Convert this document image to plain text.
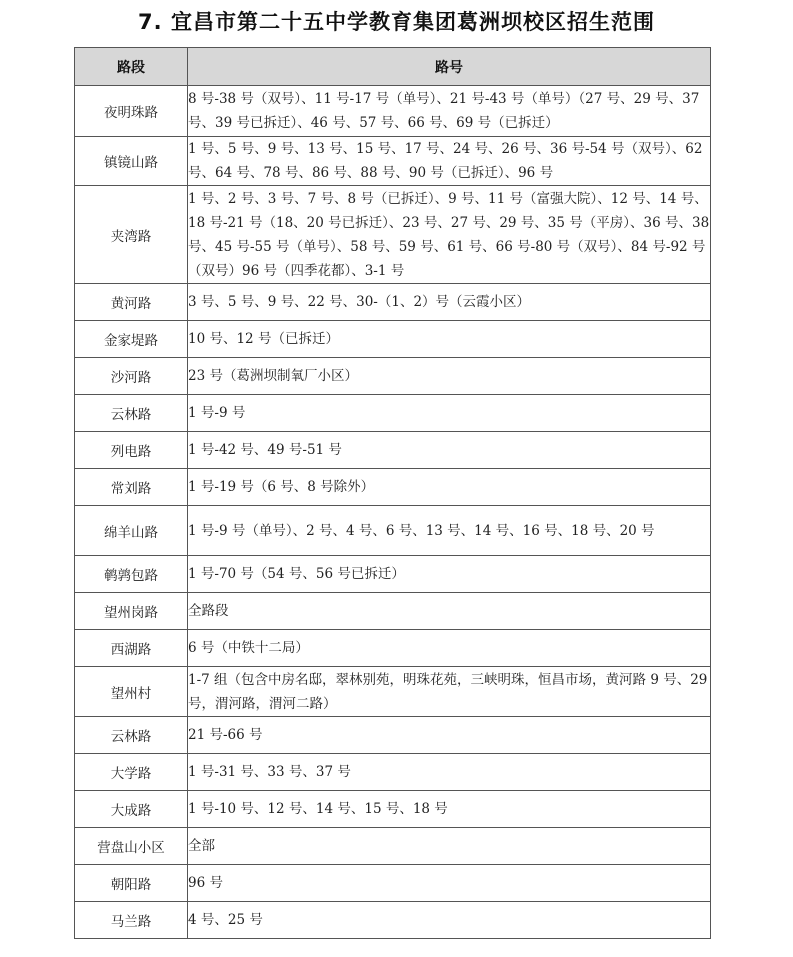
7. 宜昌市第二十五中学教育集团葛洲坝校区招生范围
路段	路号
夜明珠路	8 号-38 号（双号）、11 号-17 号（单号）、21 号-43 号（单号）（27 号、29 号、37 号、39 号已拆迁）、46 号、57 号、66 号、69 号（已拆迁）
镇镜山路	1 号、5 号、9 号、13 号、15 号、17 号、24 号、26 号、36 号-54 号（双号）、62 号、64 号、78 号、86 号、88 号、90 号（已拆迁）、96 号
夹湾路	1 号、2 号、3 号、7 号、8 号（已拆迁）、9 号、11 号（富强大院）、12 号、14 号、18 号-21 号（18、20 号已拆迁）、23 号、27 号、29 号、35 号（平房）、36 号、38 号、45 号-55 号（单号）、58 号、59 号、61 号、66 号-80 号（双号）、84 号-92 号（双号）96 号（四季花都）、3-1 号
黄河路	3 号、5 号、9 号、22 号、30-（1、2）号（云霞小区）
金家堤路	10 号、12 号（已拆迁）
沙河路	23 号（葛洲坝制氧厂小区）
云林路	1 号-9 号
列电路	1 号-42 号、49 号-51 号
常刘路	1 号-19 号（6 号、8 号除外）
绵羊山路	1 号-9 号（单号）、2 号、4 号、6 号、13 号、14 号、16 号、18 号、20 号
鹌鹑包路	1 号-70 号（54 号、56 号已拆迁）
望州岗路	全路段
西湖路	6 号（中铁十二局）
望州村	1-7 组（包含中房名邸，翠林别苑，明珠花苑，三峡明珠，恒昌市场，黄河路 9 号、29 号，渭河路，渭河二路）
云林路	21 号-66 号
大学路	1 号-31 号、33 号、37 号
大成路	1 号-10 号、12 号、14 号、15 号、18 号
营盘山小区	全部
朝阳路	96 号
马兰路	4 号、25 号
